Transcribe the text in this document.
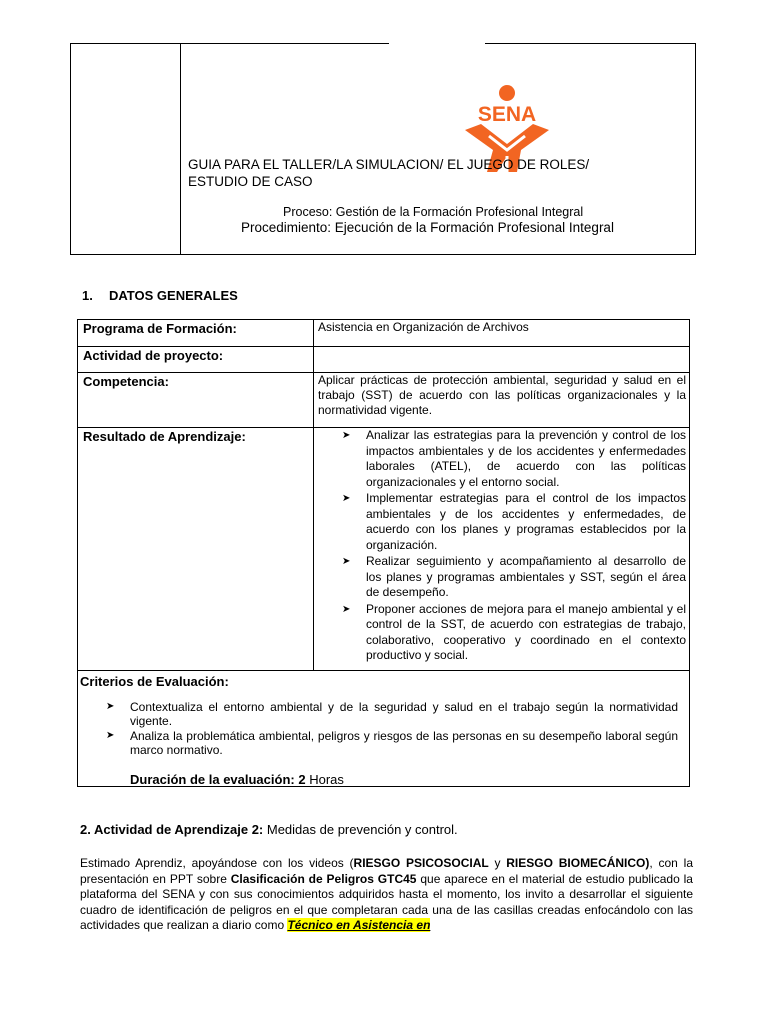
SENA
GUIA PARA EL TALLER/LA SIMULACION/ EL JUEGO DE ROLES/
ESTUDIO DE CASO
Proceso: Gestión de la Formación Profesional Integral
Procedimiento: Ejecución de la Formación Profesional Integral
1. DATOS GENERALES
Programa de Formación:	Asistencia en Organización de Archivos
Actividad de proyecto:
Competencia:	Aplicar prácticas de protección ambiental, seguridad y salud en el trabajo (SST) de acuerdo con las políticas organizacionales y la normatividad vigente.
Resultado de Aprendizaje:	➤ Analizar las estrategias para la prevención y control de los impactos ambientales y de los accidentes y enfermedades laborales (ATEL), de acuerdo con las políticas organizacionales y el entorno social.
➤ Implementar estrategias para el control de los impactos ambientales y de los accidentes y enfermedades, de acuerdo con los planes y programas establecidos por la organización.
➤ Realizar seguimiento y acompañamiento al desarrollo de los planes y programas ambientales y SST, según el área de desempeño.
➤ Proponer acciones de mejora para el manejo ambiental y el control de la SST, de acuerdo con estrategias de trabajo, colaborativo, cooperativo y coordinado en el contexto productivo y social.
Criterios de Evaluación:
➤ Contextualiza el entorno ambiental y de la seguridad y salud en el trabajo según la normatividad vigente.
➤ Analiza la problemática ambiental, peligros y riesgos de las personas en su desempeño laboral según marco normativo.
Duración de la evaluación: 2 Horas
2. Actividad de Aprendizaje 2: Medidas de prevención y control.
Estimado Aprendiz, apoyándose con los videos (RIESGO PSICOSOCIAL y RIESGO BIOMECÁNICO), con la presentación en PPT sobre Clasificación de Peligros GTC45 que aparece en el material de estudio publicado la plataforma del SENA y con sus conocimientos adquiridos hasta el momento, los invito a desarrollar el siguiente cuadro de identificación de peligros en el que completaran cada una de las casillas creadas enfocándolo con las actividades que realizan a diario como Técnico en Asistencia en
